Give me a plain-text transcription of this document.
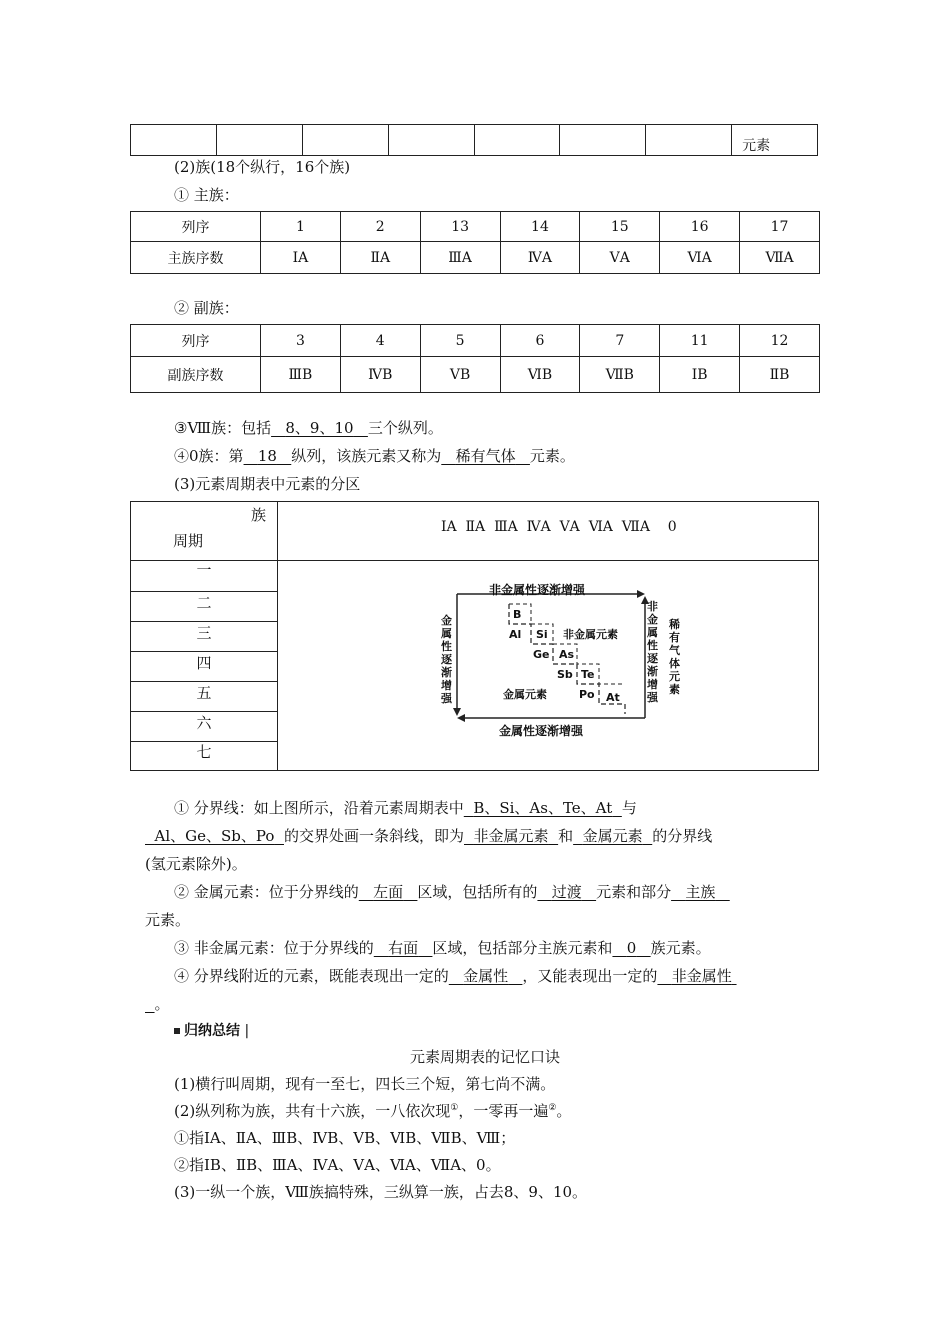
							元素
(2)族(18个纵行，16个族)
① 主族：
列序	1	2	13	14	15	16	17
主族序数	ⅠA	ⅡA	ⅢA	ⅣA	ⅤA	ⅥA	ⅦA
② 副族：
列序	3	4	5	6	7	11	12
副族序数	ⅢB	ⅣB	ⅤB	ⅥB	ⅦB	ⅠB	ⅡB
③Ⅷ族：包括 8、9、10 三个纵列。
④0族：第 18 纵列，该族元素又称为 稀有气体 元素。
(3)元素周期表中元素的分区
族
周期
ⅠA  ⅡA  ⅢA  ⅣA  ⅤA  ⅥA  ⅦA    0
一
二
三
四
五
六
七
非金属性逐渐增强
金属性逐渐增强
金属性逐渐增强
非金属性逐渐增强
稀有气体元素
非金属元素
金属元素
B
Al Si
Ge As
Sb Te
Po At
① 分界线：如上图所示，沿着元素周期表中 B、Si、As、Te、At 与
Al、Ge、Sb、Po 的交界处画一条斜线，即为 非金属元素 和 金属元素 的分界线
(氢元素除外)。
② 金属元素：位于分界线的 左面 区域，包括所有的 过渡 元素和部分 主族
元素。
③ 非金属元素：位于分界线的 右面 区域，包括部分主族元素和 0 族元素。
④ 分界线附近的元素，既能表现出一定的 金属性 ，又能表现出一定的 非金属性
。
归纳总结 |
元素周期表的记忆口诀
(1)横行叫周期，现有一至七，四长三个短，第七尚不满。
(2)纵列称为族，共有十六族，一八依次现①，一零再一遍②。
①指ⅠA、ⅡA、ⅢB、ⅣB、ⅤB、ⅥB、ⅦB、Ⅷ；
②指ⅠB、ⅡB、ⅢA、ⅣA、ⅤA、ⅥA、ⅦA、0。
(3)一纵一个族，Ⅷ族搞特殊，三纵算一族，占去8、9、10。
